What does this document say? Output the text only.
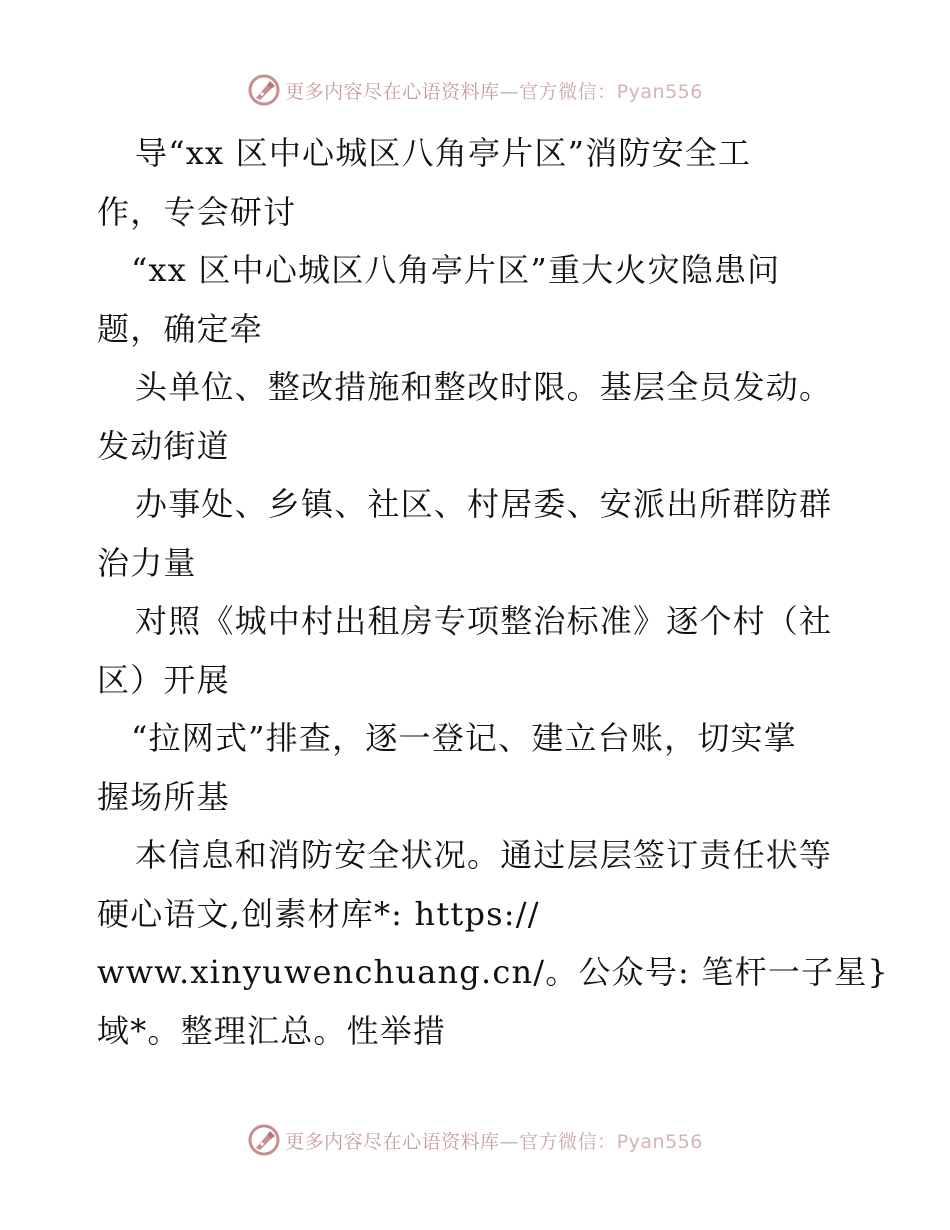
更多内容尽在心语资料库—官方微信：Pyan556
导“xx 区中心城区八角亭片区”消防安全工
作，专会研讨
“xx 区中心城区八角亭片区”重大火灾隐患问
题，确定牵
头单位、整改措施和整改时限。基层全员发动。
发动街道
办事处、乡镇、社区、村居委、安派出所群防群
治力量
对照《城中村出租房专项整治标准》逐个村（社
区）开展
“拉网式”排查，逐一登记、建立台账，切实掌
握场所基
本信息和消防安全状况。通过层层签订责任状等
硬心语文,创素材库*: https://
www.xinyuwenchuang.cn/。公众号: 笔杆一子星}
域*。整理汇总。性举措
更多内容尽在心语资料库—官方微信：Pyan556
